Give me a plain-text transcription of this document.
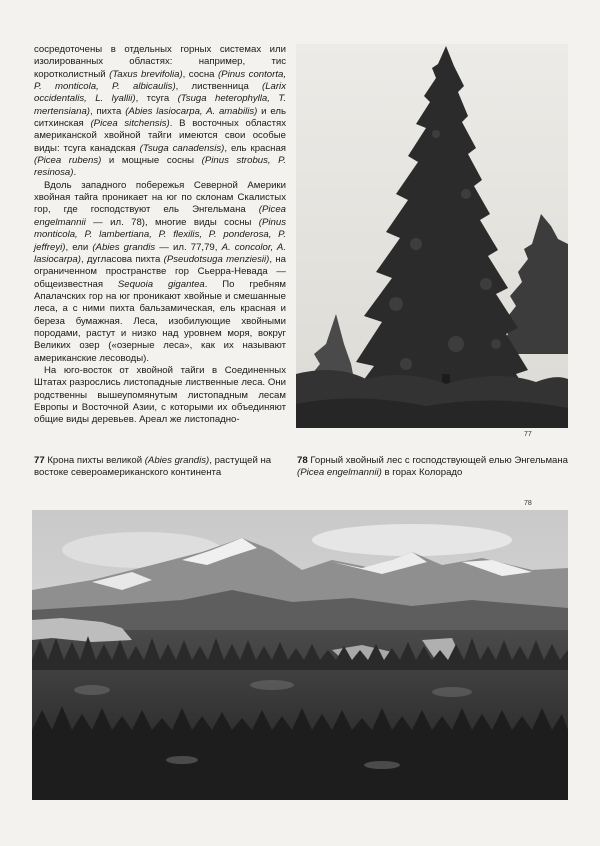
сосредоточены в отдельных горных системах или изолированных областях: например, тис коротколистный (Taxus brevifolia), сосна (Pinus contorta, P. monticola, P. albicaulis), лиственница (Larix occidentalis, L. lyallii), тсуга (Tsuga heterophylla, T. mertensiana), пихта (Abies lasiocarpa, A. amabilis) и ель ситхинская (Picea sitchensis). В восточных областях американской хвойной тайги имеются свои особые виды: тсуга канадская (Tsuga canadensis), ель красная (Picea rubens) и мощные сосны (Pinus strobus, P. resinosa).

Вдоль западного побережья Северной Америки хвойная тайга проникает на юг по склонам Скалистых гор, где господствуют ель Энгельмана (Picea engelmannii — ил. 78), многие виды сосны (Pinus monticola, P. lambertiana, P. flexilis, P. ponderosa, P. jeffreyi), ели (Abies grandis — ил. 77,79, A. concolor, A. lasiocarpa), дугласова пихта (Pseudotsuga menziesii), на ограниченном пространстве гор Сьерра-Невада — общеизвестная Sequoia gigantea. По гребням Апалачских гор на юг проникают хвойные и смешанные леса, а с ними пихта бальзамическая, ель красная и береза бумажная. Леса, изобилующие хвойными породами, растут и низко над уровнем моря, вокруг Великих озер («озерные леса», как их называют американские лесоводы).

На юго-восток от хвойной тайги в Соединенных Штатах разрослись листопадные лиственные леса. Они родственны вышеупомянутым листопадным лесам Европы и Восточной Азии, с которыми их объединяют общие виды деревьев. Ареал же листопадно-

77
77 Крона пихты великой (Abies grandis), растущей на востоке североамериканского континента
78 Горный хвойный лес с господствующей елью Энгельмана (Picea engelmannii) в горах Колорадо
78
